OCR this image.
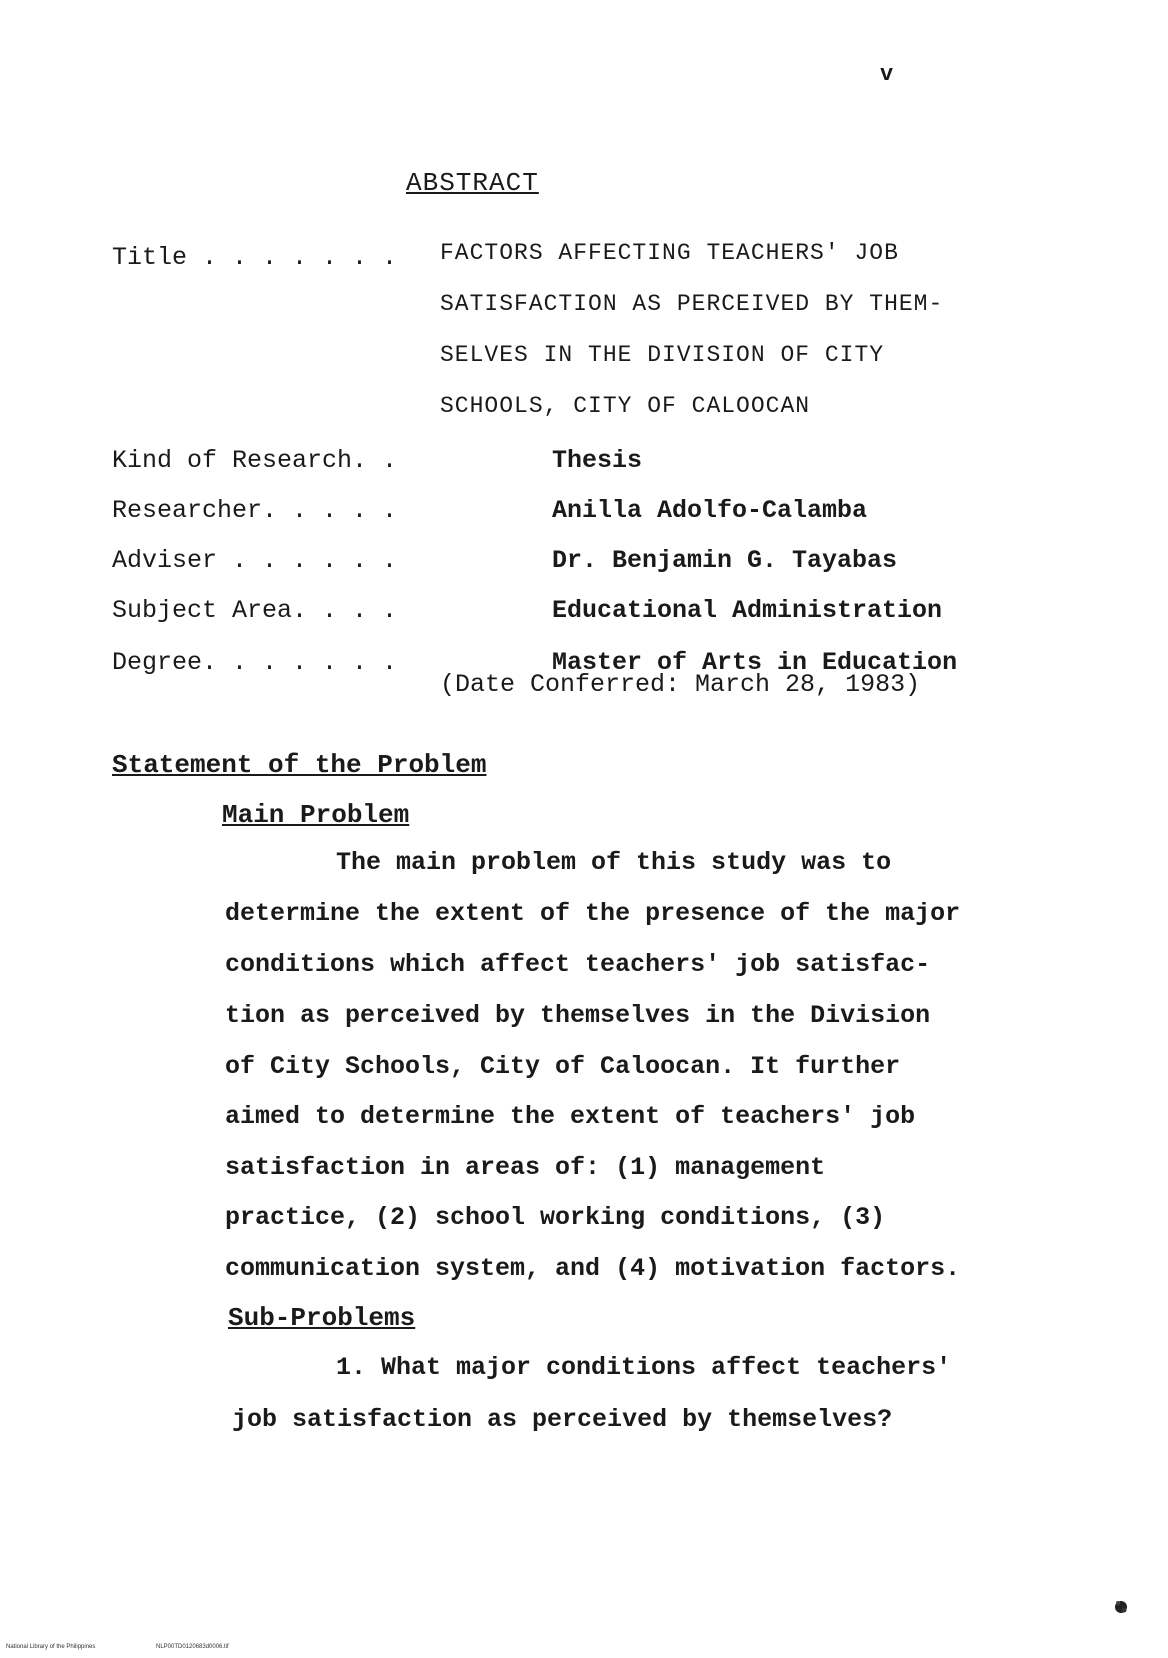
v
ABSTRACT
Title . . . . . . .	FACTORS AFFECTING TEACHERS' JOB
SATISFACTION AS PERCEIVED BY THEM-
SELVES IN THE DIVISION OF CITY
SCHOOLS, CITY OF CALOOCAN
Kind of Research. .	Thesis
Researcher. . . . .	Anilla Adolfo-Calamba
Adviser . . . . . .	Dr. Benjamin G. Tayabas
Subject Area. . . .	Educational Administration
Degree. . . . . . .	Master of Arts in Education
(Date Conferred: March 28, 1983)
Statement of the Problem
Main Problem
The main problem of this study was to
determine the extent of the presence of the major
conditions which affect teachers' job satisfac-
tion as perceived by themselves in the Division
of City Schools, City of Caloocan. It further
aimed to determine the extent of teachers' job
satisfaction in areas of: (1) management
practice, (2) school working conditions, (3)
communication system, and (4) motivation factors.
Sub-Problems
1. What major conditions affect teachers'
job satisfaction as perceived by themselves?
National Library of the Philippines	NLP00TD0120683d0006.tif
